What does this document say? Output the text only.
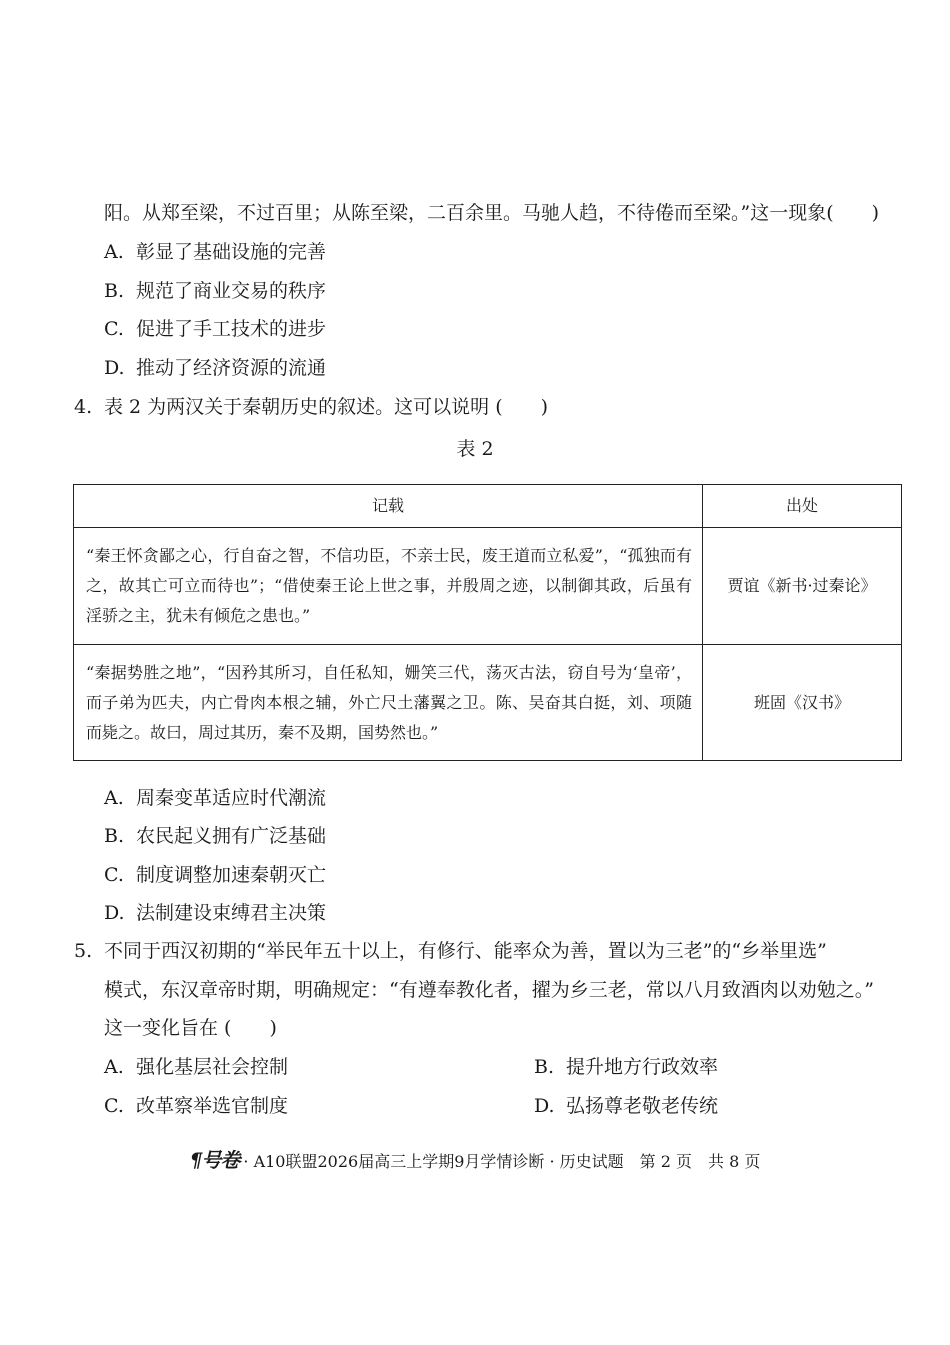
阳。从郑至梁，不过百里；从陈至梁，二百余里。马驰人趋，不待倦而至梁。”这一现象(　　)
A. 彰显了基础设施的完善
B. 规范了商业交易的秩序
C. 促进了手工技术的进步
D. 推动了经济资源的流通
4. 表 2 为两汉关于秦朝历史的叙述。这可以说明 (　　)
表 2
记载	出处
“秦王怀贪鄙之心，行自奋之智，不信功臣，不亲士民，废王道而立私爱”，“孤独而有之，故其亡可立而待也”；“借使秦王论上世之事，并殷周之迹，以制御其政，后虽有淫骄之主，犹未有倾危之患也。”	贾谊《新书·过秦论》
“秦据势胜之地”，“因矜其所习，自任私知，姗笑三代，荡灭古法，窃自号为‘皇帝’，而子弟为匹夫，内亡骨肉本根之辅，外亡尺土藩翼之卫。陈、吴奋其白挺，刘、项随而毙之。故曰，周过其历，秦不及期，国势然也。”	班固《汉书》
A. 周秦变革适应时代潮流
B. 农民起义拥有广泛基础
C. 制度调整加速秦朝灭亡
D. 法制建设束缚君主决策
5. 不同于西汉初期的“举民年五十以上，有修行、能率众为善，置以为三老”的“乡举里选”
模式，东汉章帝时期，明确规定：“有遵奉教化者，擢为乡三老，常以八月致酒肉以劝勉之。”
这一变化旨在 (　　)
A. 强化基层社会控制	B. 提升地方行政效率
C. 改革察举选官制度	D. 弘扬尊老敬老传统
¶号卷 · A10联盟2026届高三上学期9月学情诊断 · 历史试题　第 2 页　共 8 页
